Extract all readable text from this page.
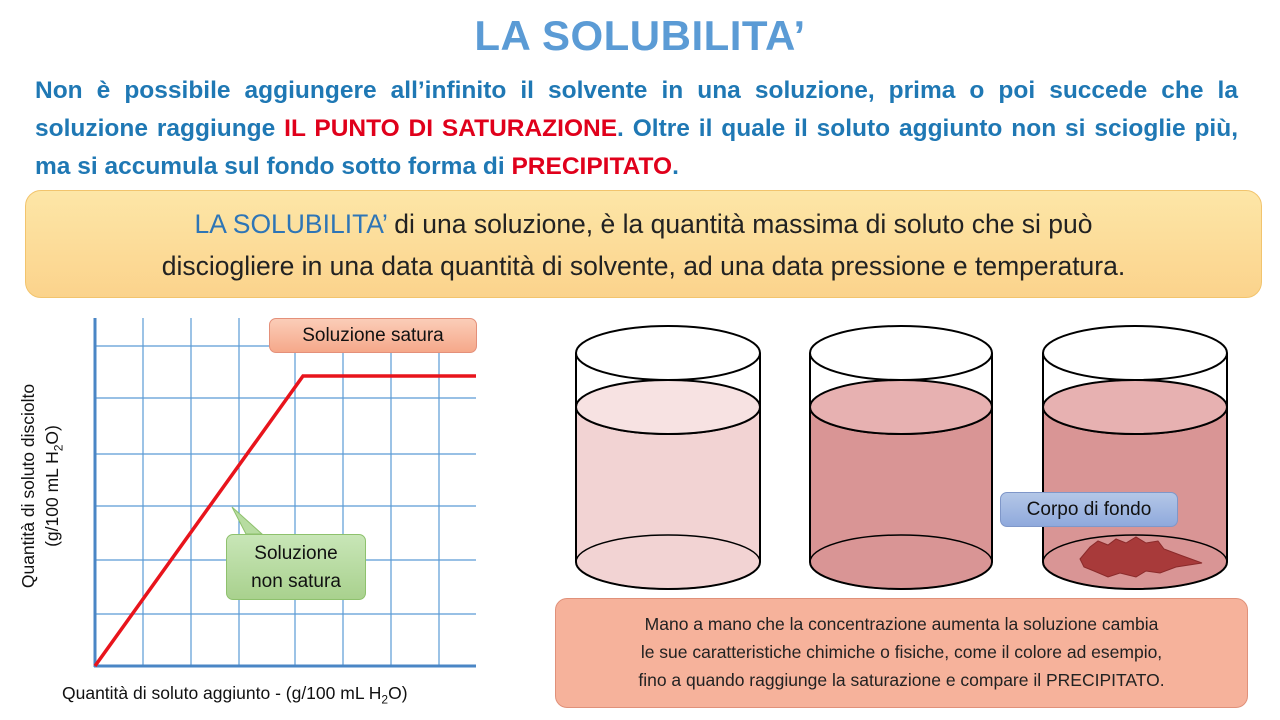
LA SOLUBILITA’
Non è possibile aggiungere all’infinito il solvente in una soluzione, prima o poi succede che la soluzione raggiunge IL PUNTO DI SATURAZIONE. Oltre il quale il soluto aggiunto non si scioglie più, ma si accumula sul fondo sotto forma di PRECIPITATO.
LA SOLUBILITA’ di una soluzione, è la quantità massima di soluto che si può
disciogliere in una data quantità di solvente, ad una data pressione e temperatura.
Soluzione satura
Soluzione
non satura
Quantità di soluto disciolto (g/100 mL $H_2O$)
Quantità di soluto aggiunto - (g/100 mL $H_2O$)
Corpo di fondo
Mano a mano che la concentrazione aumenta la soluzione cambia
le sue caratteristiche chimiche o fisiche, come il colore ad esempio,
fino a quando raggiunge la saturazione e compare il PRECIPITATO.
